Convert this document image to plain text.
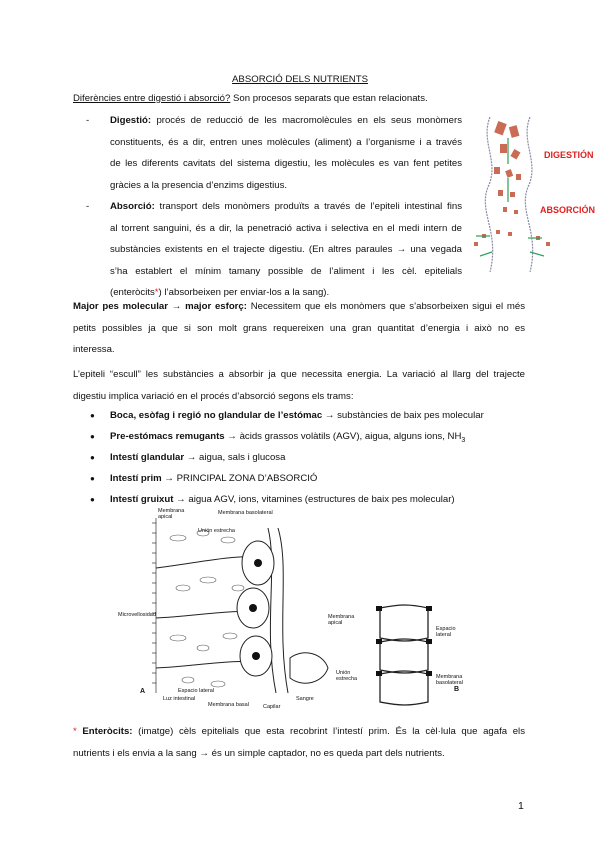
ABSORCIÓ DELS NUTRIENTS
Diferències entre digestió i absorció? Son procesos separats que estan relacionats.
- Digestió: procés de reducció de les macromolècules en els seus monòmers
constituents, és a dir, entren unes molècules (aliment) a l’organisme i a través
de les diferents cavitats del sistema digestiu, les molècules es van fent petites
gràcies a la presencia d’enzims digestius.
- Absorció: transport dels monòmers produïts a través de l’epiteli intestinal fins
al torrent sanguini, és a dir, la penetració activa i selectiva en el medi intern de
substàncies existents en el trajecte digestiu. (En altres paraules → una vegada
s’ha establert el mínim tamany possible de l’aliment i les cèl. epitelials
(enteròcits*) l’absorbeixen per enviar-los a la sang).
DIGESTIÓN
ABSORCIÓN
Major pes molecular → major esforç: Necessitem que els monòmers que s’absorbeixen sigui el més
petits possibles ja que si son molt grans requereixen una gran quantitat d’energia i això no es
interessa.
L’epiteli “escull” les substàncies a absorbir ja que necessita energia. La variació al llarg del trajecte
digestiu implica variació en el procés d’absorció segons els trams:
● Boca, esòfag i regió no glandular de l’estómac → substàncies de baix pes molecular
● Pre-estómacs remugants → àcids grassos volàtils (AGV), aigua, alguns ions, $NH_3$
● Intestí glandular → aigua, sals i glucosa
● Intestí prim → PRINCIPAL ZONA D’ABSORCIÓ
● Intestí gruixut → aigua AGV, ions, vitamines (estructures de baix pes molecular)
Membrana
apical
Membrana basolateral
Unión estrecha
Microvellosidad
Espacio lateral
Luz intestinal
Membrana basal	Capilar
Sangre
A	B
Membrana
apical
Espacio
lateral
Unión
estrecha	Membrana
basolateral
* Enteròcits: (imatge) cèls epitelials que esta recobrint l’intestí prim. És la cèl·lula que agafa els
nutrients i els envia a la sang → és un simple captador, no es queda part dels nutrients.
1
